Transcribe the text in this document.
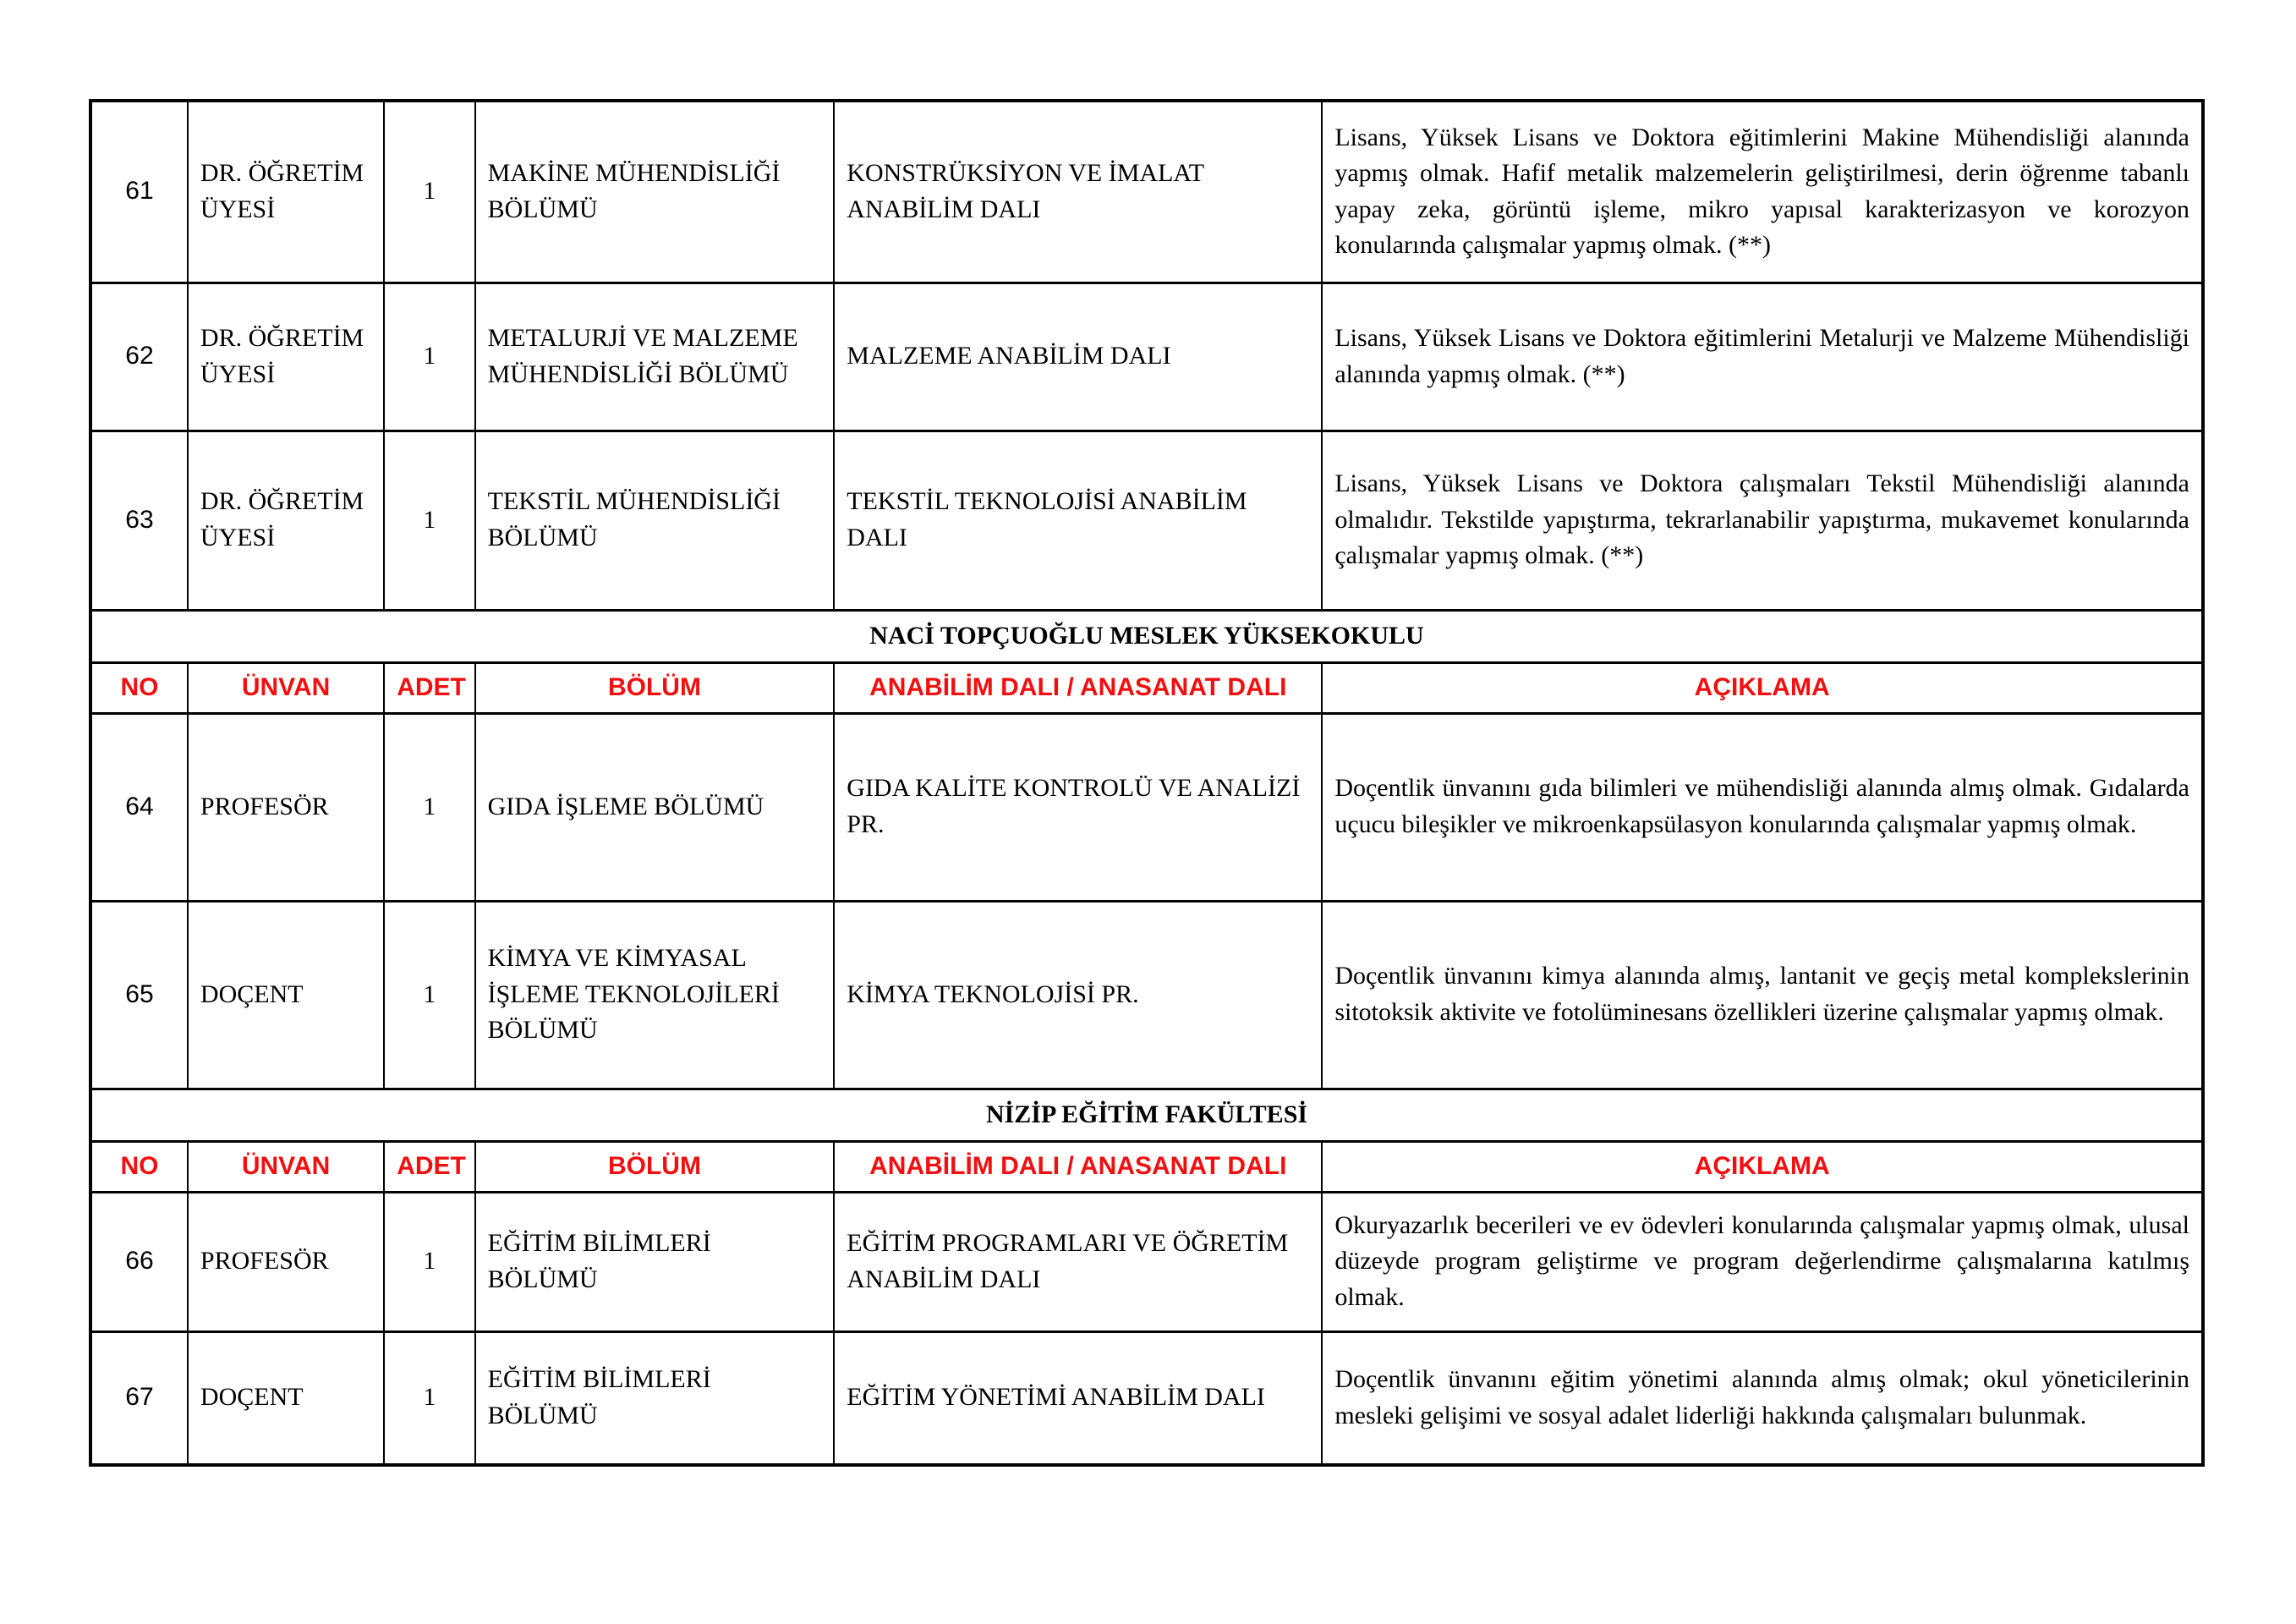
61	DR. ÖĞRETİM ÜYESİ	1	MAKİNE MÜHENDİSLİĞİ BÖLÜMÜ	KONSTRÜKSİYON VE İMALAT ANABİLİM DALI	Lisans, Yüksek Lisans ve Doktora eğitimlerini Makine Mühendisliği alanında yapmış olmak. Hafif metalik malzemelerin geliştirilmesi, derin öğrenme tabanlı yapay zeka, görüntü işleme, mikro yapısal karakterizasyon ve korozyon konularında çalışmalar yapmış olmak. (**)
62	DR. ÖĞRETİM ÜYESİ	1	METALURJİ VE MALZEME MÜHENDİSLİĞİ BÖLÜMÜ	MALZEME ANABİLİM DALI	Lisans, Yüksek Lisans ve Doktora eğitimlerini Metalurji ve Malzeme Mühendisliği alanında yapmış olmak. (**)
63	DR. ÖĞRETİM ÜYESİ	1	TEKSTİL MÜHENDİSLİĞİ BÖLÜMÜ	TEKSTİL TEKNOLOJİSİ ANABİLİM DALI	Lisans, Yüksek Lisans ve Doktora çalışmaları Tekstil Mühendisliği alanında olmalıdır. Tekstilde yapıştırma, tekrarlanabilir yapıştırma, mukavemet konularında çalışmalar yapmış olmak. (**)
NACİ TOPÇUOĞLU MESLEK YÜKSEKOKULU					
NO	ÜNVAN	ADET	BÖLÜM	ANABİLİM DALI / ANASANAT DALI	AÇIKLAMA
64	PROFESÖR	1	GIDA İŞLEME BÖLÜMÜ	GIDA KALİTE KONTROLÜ VE ANALİZİ PR.	Doçentlik ünvanını gıda bilimleri ve mühendisliği alanında almış olmak. Gıdalarda uçucu bileşikler ve mikroenkapsülasyon konularında çalışmalar yapmış olmak.
65	DOÇENT	1	KİMYA VE KİMYASAL İŞLEME TEKNOLOJİLERİ BÖLÜMÜ	KİMYA TEKNOLOJİSİ PR.	Doçentlik ünvanını kimya alanında almış, lantanit ve geçiş metal komplekslerinin sitotoksik aktivite ve fotolüminesans özellikleri üzerine çalışmalar yapmış olmak.
NİZİP EĞİTİM FAKÜLTESİ					
NO	ÜNVAN	ADET	BÖLÜM	ANABİLİM DALI / ANASANAT DALI	AÇIKLAMA
66	PROFESÖR	1	EĞİTİM BİLİMLERİ BÖLÜMÜ	EĞİTİM PROGRAMLARI VE ÖĞRETİM ANABİLİM DALI	Okuryazarlık becerileri ve ev ödevleri konularında çalışmalar yapmış olmak, ulusal düzeyde program geliştirme ve program değerlendirme çalışmalarına katılmış olmak.
67	DOÇENT	1	EĞİTİM BİLİMLERİ BÖLÜMÜ	EĞİTİM YÖNETİMİ ANABİLİM DALI	Doçentlik ünvanını eğitim yönetimi alanında almış olmak; okul yöneticilerinin mesleki gelişimi ve sosyal adalet liderliği hakkında çalışmaları bulunmak.
